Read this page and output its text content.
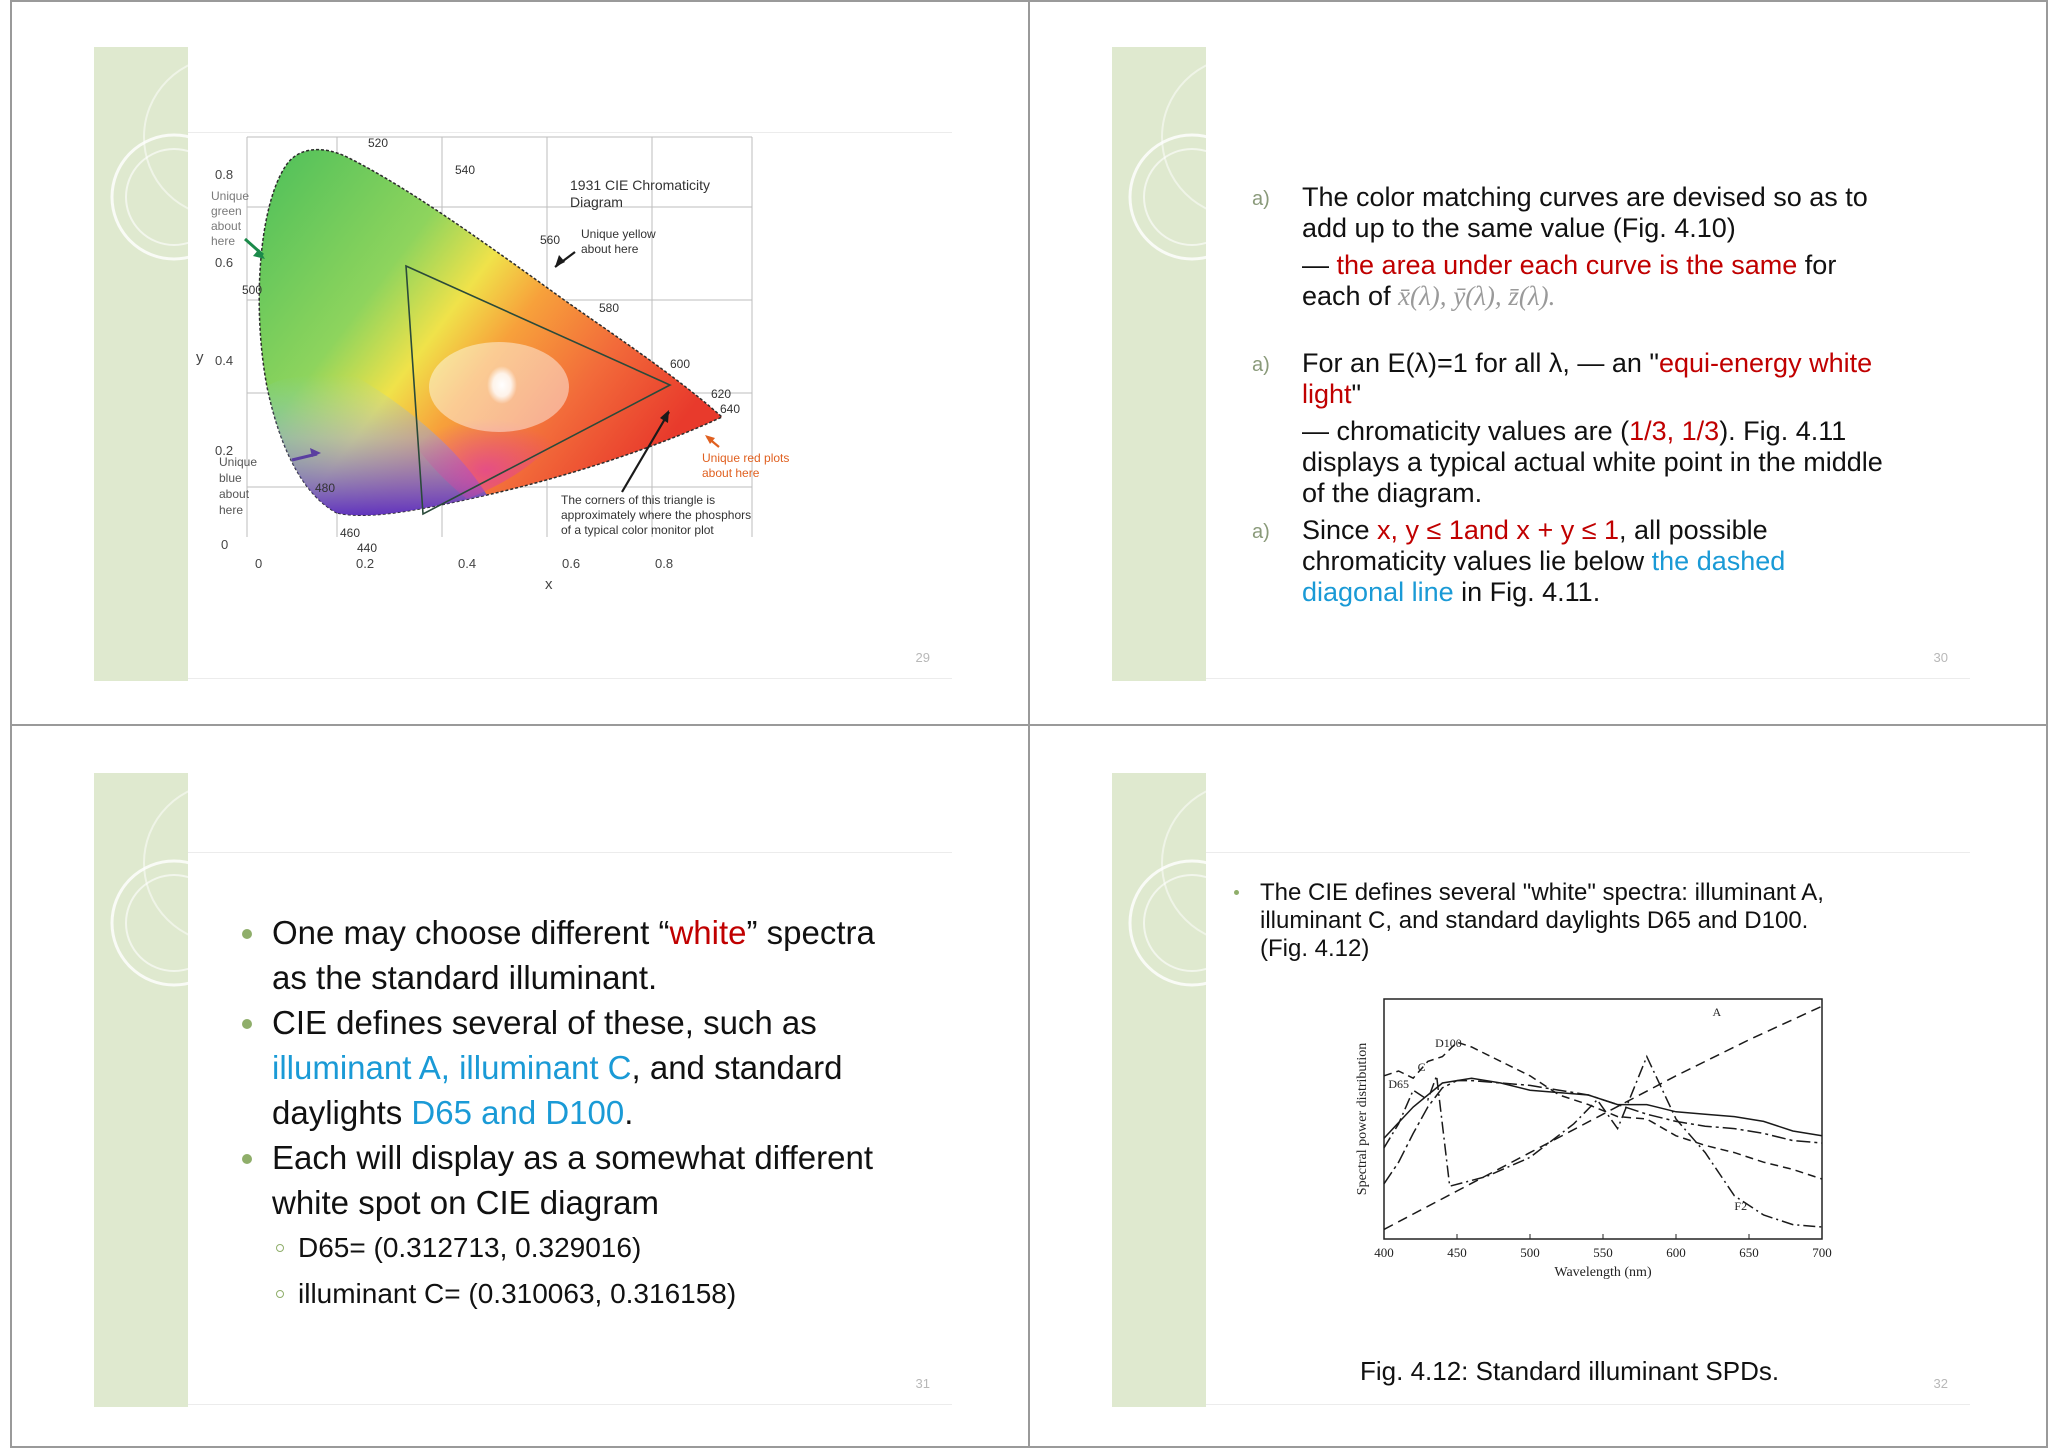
0.8
0.6
0.4
0.2
0
y
0	0.2	0.4	0.6	0.8
x
520
540
560
580
600
620
640
500
480
460
440
1931 CIE Chromaticity
Diagram
Unique
green
about
here
Unique
blue
about
here
Unique yellow
about here
Unique red plots
about here
The corners of this triangle is
approximately where the phosphors
of a typical color monitor plot
29
a) The color matching curves are devised so as to
add up to the same value (Fig. 4.10)
— the area under each curve is the same for
each of x̄(λ), ȳ(λ), z̄(λ).
a) For an E(λ)=1 for all λ, — an "equi-energy white
light"
— chromaticity values are (1/3, 1/3). Fig. 4.11
displays a typical actual white point in the middle
of the diagram.
a) Since x, y ≤ 1and x + y ≤ 1, all possible
chromaticity values lie below the dashed
diagonal line in Fig. 4.11.
30
One may choose different “white” spectra
as the standard illuminant.
CIE defines several of these, such as
illuminant A, illuminant C, and standard
daylights D65 and D100.
Each will display as a somewhat different
white spot on CIE diagram
D65= (0.312713, 0.329016)
illuminant C= (0.310063, 0.316158)
31
The CIE defines several "white" spectra: illuminant A,
illuminant C, and standard daylights D65 and D100.
(Fig. 4.12)
400	450	500	550	600	650	700
Wavelength (nm)
Spectral power distribution
A
D100
D65
C
F2
Fig. 4.12: Standard illuminant SPDs.	32
